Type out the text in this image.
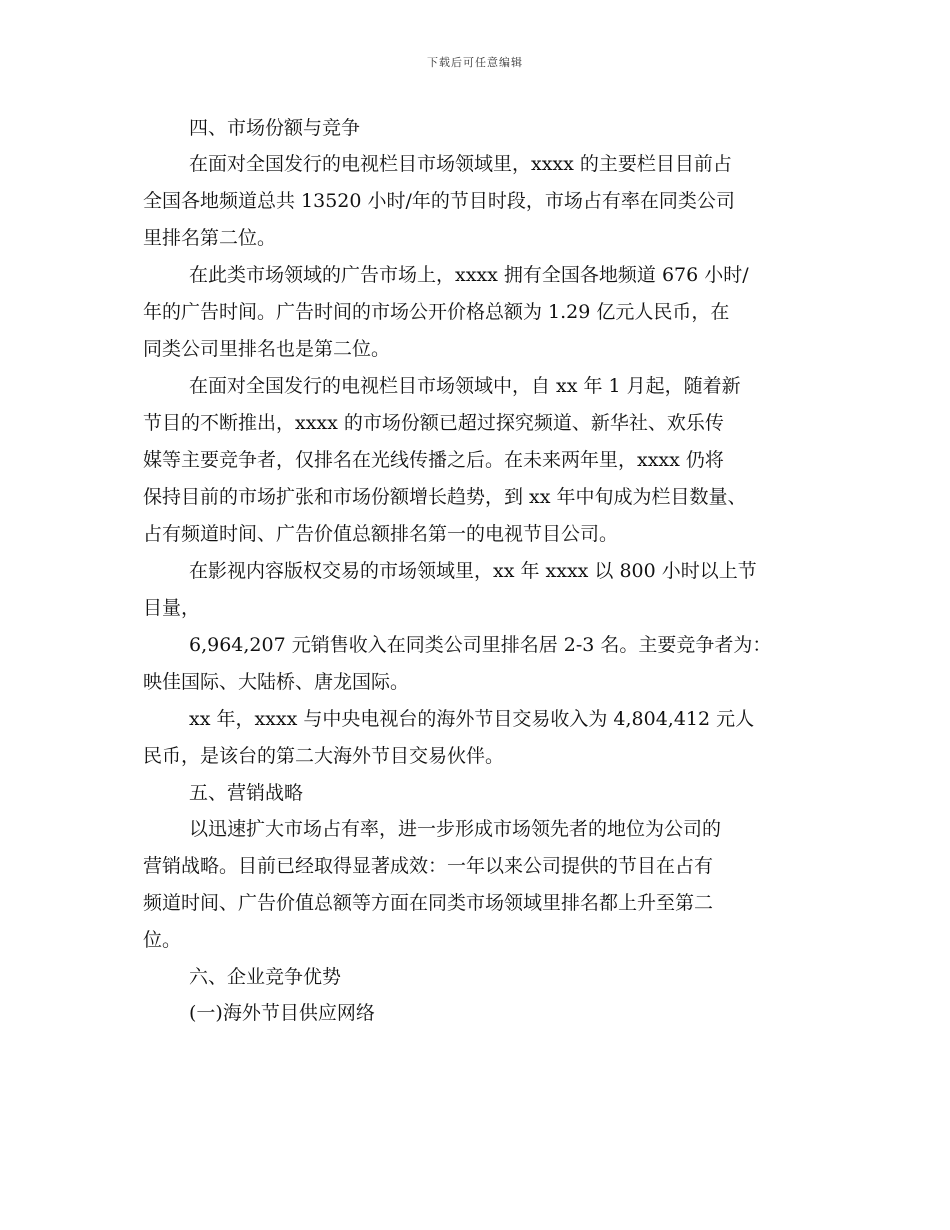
下载后可任意编辑
四、市场份额与竞争
在面对全国发行的电视栏目市场领域里，xxxx 的主要栏目目前占
全国各地频道总共 13520 小时/年的节目时段，市场占有率在同类公司
里排名第二位。
在此类市场领域的广告市场上，xxxx 拥有全国各地频道 676 小时/
年的广告时间。广告时间的市场公开价格总额为 1.29 亿元人民币，在
同类公司里排名也是第二位。
在面对全国发行的电视栏目市场领域中，自 xx 年 1 月起，随着新
节目的不断推出，xxxx 的市场份额已超过探究频道、新华社、欢乐传
媒等主要竞争者，仅排名在光线传播之后。在未来两年里，xxxx 仍将
保持目前的市场扩张和市场份额增长趋势，到 xx 年中旬成为栏目数量、
占有频道时间、广告价值总额排名第一的电视节目公司。
在影视内容版权交易的市场领域里，xx 年 xxxx 以 800 小时以上节
目量，
6,964,207 元销售收入在同类公司里排名居 2-3 名。主要竞争者为：
映佳国际、大陆桥、唐龙国际。
xx 年，xxxx 与中央电视台的海外节目交易收入为 4,804,412 元人
民币，是该台的第二大海外节目交易伙伴。
五、营销战略
以迅速扩大市场占有率，进一步形成市场领先者的地位为公司的
营销战略。目前已经取得显著成效：一年以来公司提供的节目在占有
频道时间、广告价值总额等方面在同类市场领域里排名都上升至第二
位。
六、企业竞争优势
(一)海外节目供应网络
